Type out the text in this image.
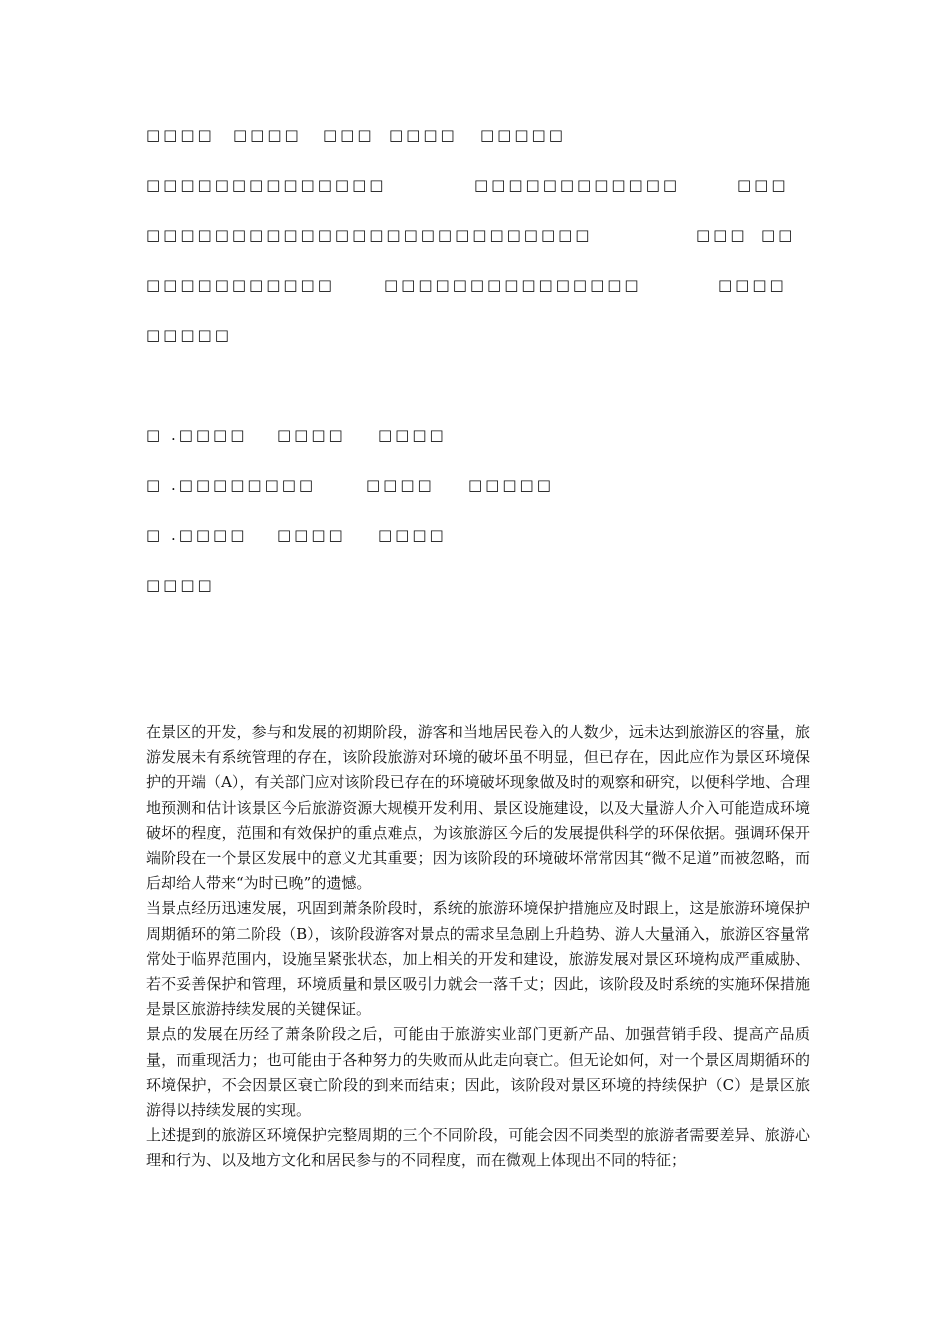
□□□□ □□□□ □□□ □□□□ □□□□□
□□□□□□□□□□□□□□	□□□□□□□□□□□□	□□□
□□□□□□□□□□□□□□□□□□□□□□□□□□	□□□ □□
□□□□□□□□□□□	□□□□□□□□□□□□□□□	□□□□
□□□□□
□ .□□□□ □□□□ □□□□
□ .□□□□□□□□	□□□□ □□□□□
□ .□□□□ □□□□ □□□□
□□□□

在景区的开发，参与和发展的初期阶段，游客和当地居民卷入的人数少，远未达到旅游区的容量，旅游发展未有系统管理的存在，该阶段旅游对环境的破坏虽不明显，但已存在，因此应作为景区环境保护的开端（A），有关部门应对该阶段已存在的环境破坏现象做及时的观察和研究，以便科学地、合理地预测和估计该景区今后旅游资源大规模开发利用、景区设施建设，以及大量游人介入可能造成环境破坏的程度，范围和有效保护的重点难点，为该旅游区今后的发展提供科学的环保依据。强调环保开端阶段在一个景区发展中的意义尤其重要；因为该阶段的环境破坏常常因其“微不足道”而被忽略，而后却给人带来“为时已晚”的遗憾。

当景点经历迅速发展，巩固到萧条阶段时，系统的旅游环境保护措施应及时跟上，这是旅游环境保护周期循环的第二阶段（B），该阶段游客对景点的需求呈急剧上升趋势、游人大量涌入，旅游区容量常常处于临界范围内，设施呈紧张状态，加上相关的开发和建设，旅游发展对景区环境构成严重威胁、若不妥善保护和管理，环境质量和景区吸引力就会一落千丈；因此，该阶段及时系统的实施环保措施是景区旅游持续发展的关键保证。

景点的发展在历经了萧条阶段之后，可能由于旅游实业部门更新产品、加强营销手段、提高产品质量，而重现活力；也可能由于各种努力的失败而从此走向衰亡。但无论如何，对一个景区周期循环的环境保护，不会因景区衰亡阶段的到来而结束；因此，该阶段对景区环境的持续保护（C）是景区旅游得以持续发展的实现。

上述提到的旅游区环境保护完整周期的三个不同阶段，可能会因不同类型的旅游者需要差异、旅游心理和行为、以及地方文化和居民参与的不同程度，而在微观上体现出不同的特征；
